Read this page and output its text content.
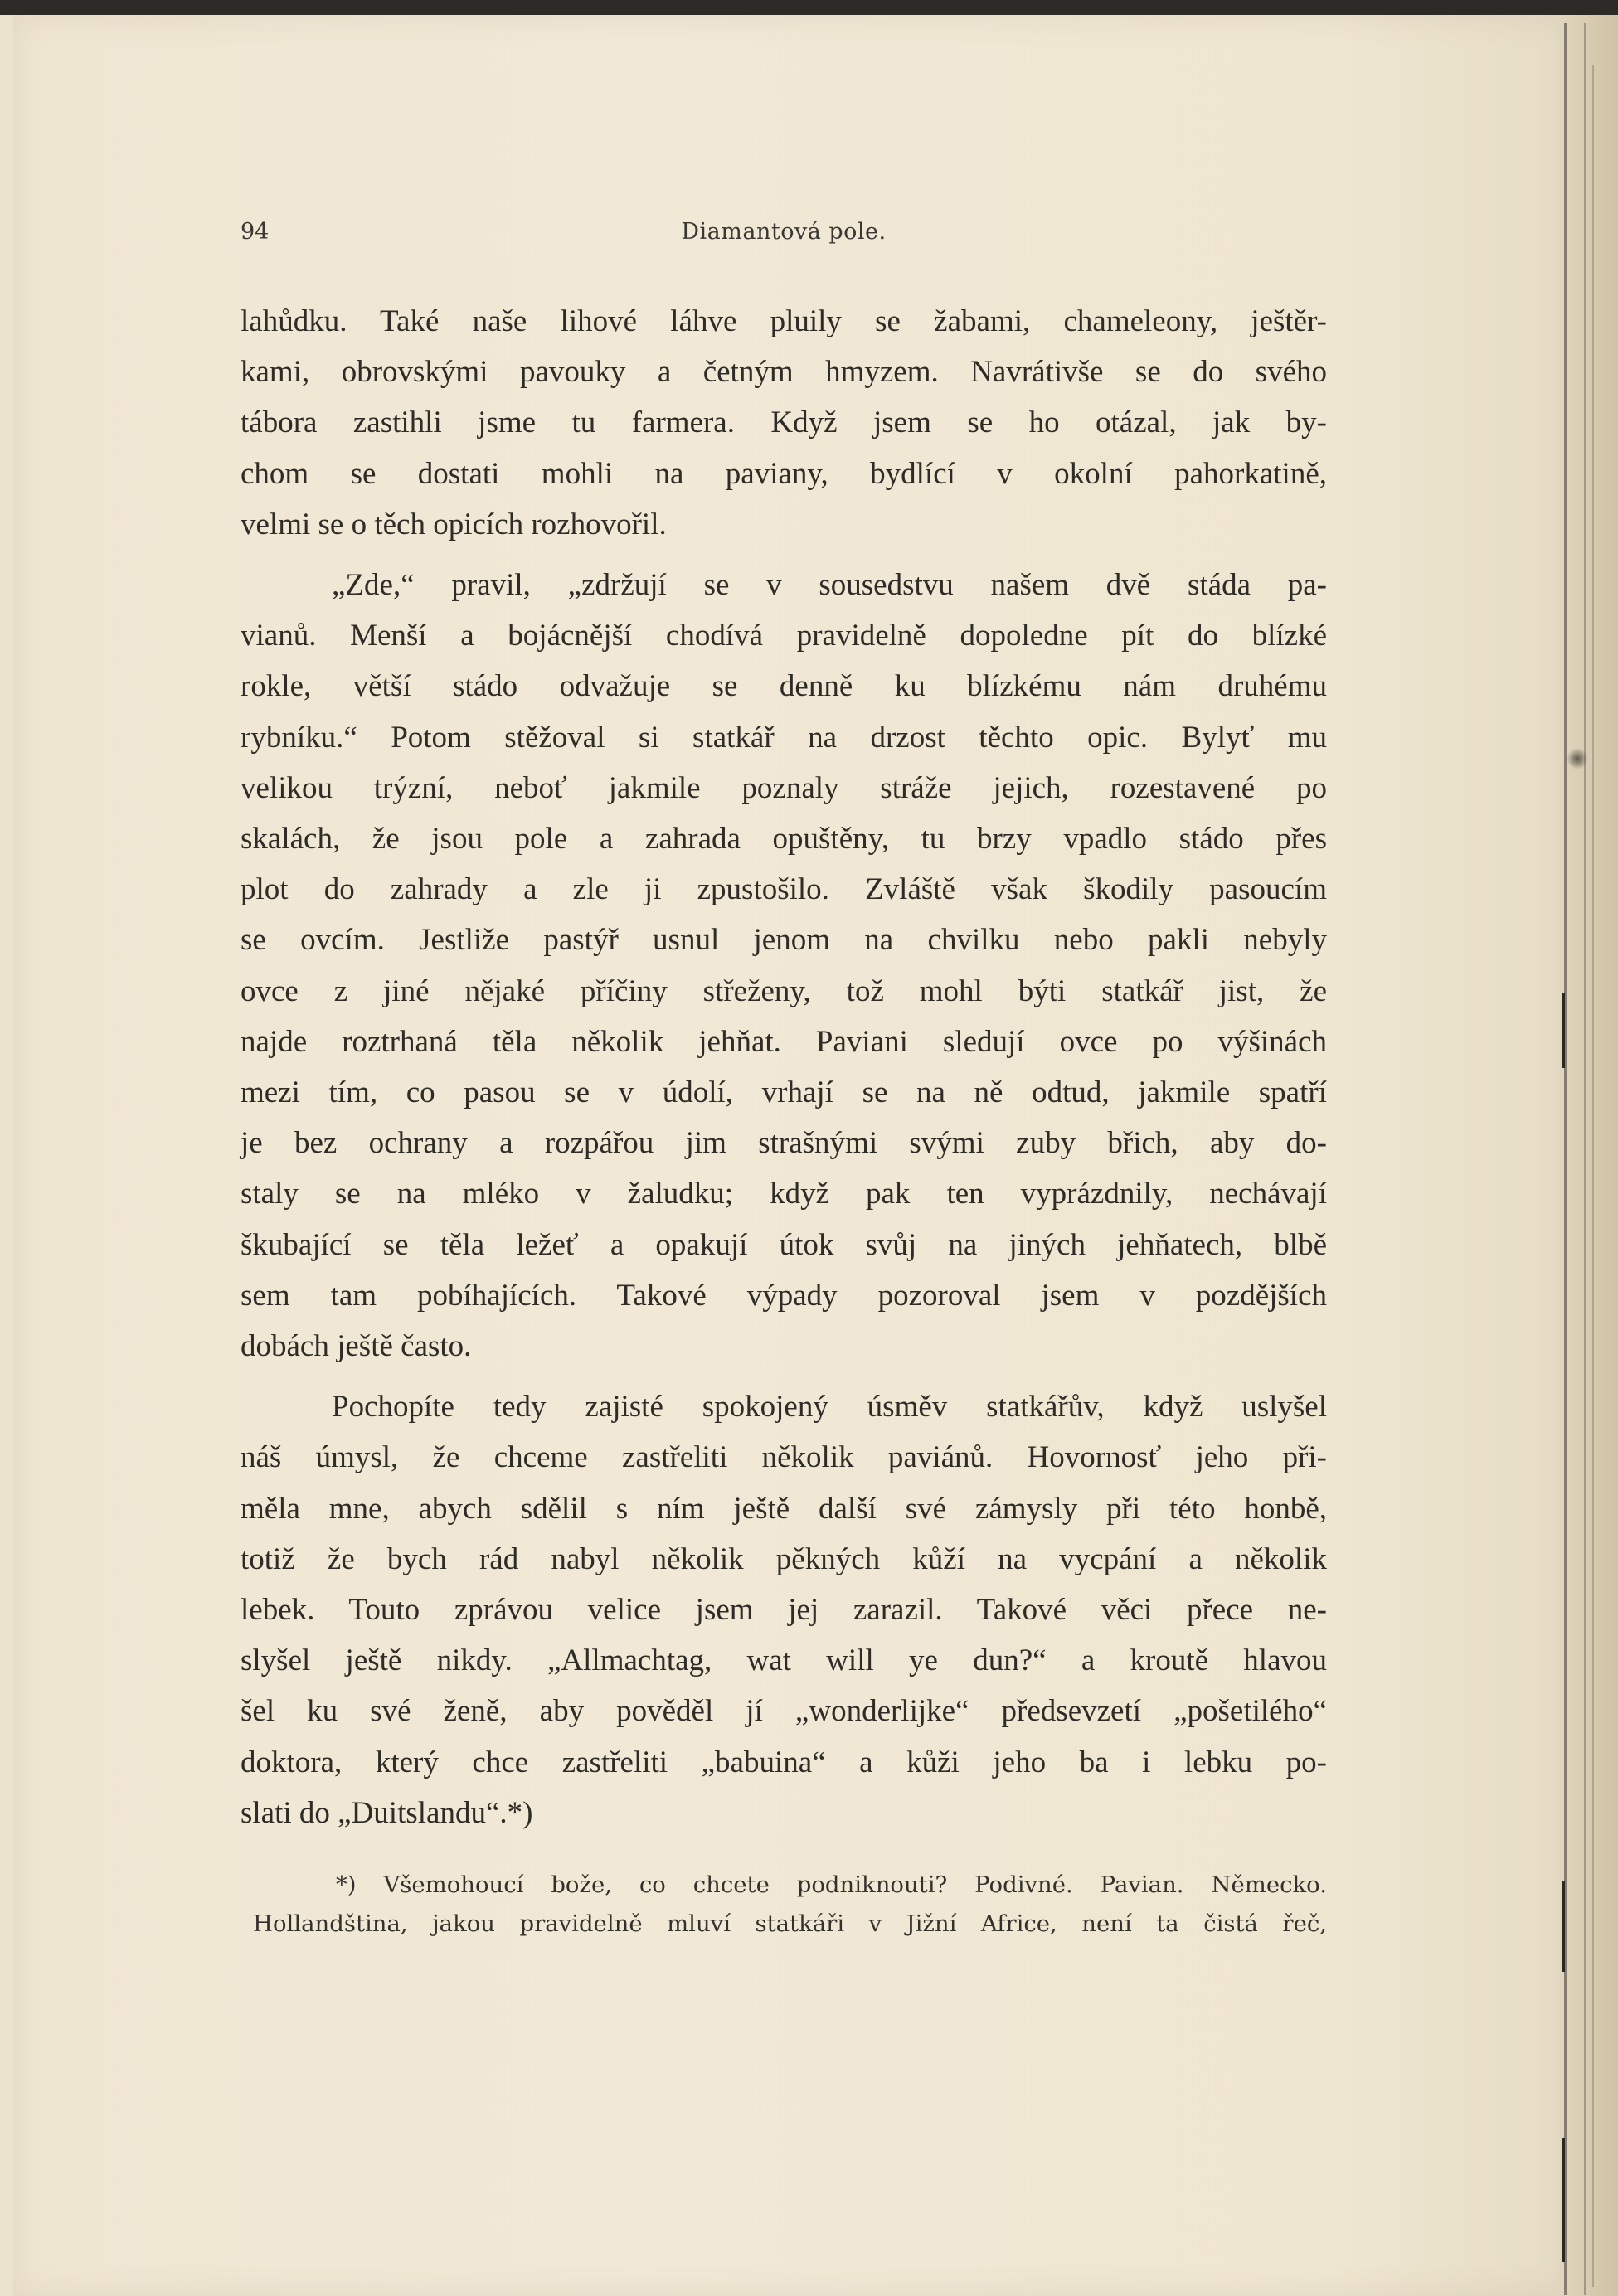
94	Diamantová pole.
lahůdku. Také naše lihové láhve pluily se žabami, chameleony, ještěr-
kami, obrovskými pavouky a četným hmyzem. Navrátivše se do svého
tábora zastihli jsme tu farmera. Když jsem se ho otázal, jak by-
chom se dostati mohli na paviany, bydlící v okolní pahorkatině,
velmi se o těch opicích rozhovořil.
„Zde,“ pravil, „zdržují se v sousedstvu našem dvě stáda pa-
vianů. Menší a bojácnější chodívá pravidelně dopoledne pít do blízké
rokle, větší stádo odvažuje se denně ku blízkému nám druhému
rybníku.“ Potom stěžoval si statkář na drzost těchto opic. Bylyť mu
velikou trýzní, neboť jakmile poznaly stráže jejich, rozestavené po
skalách, že jsou pole a zahrada opuštěny, tu brzy vpadlo stádo přes
plot do zahrady a zle ji zpustošilo. Zvláště však škodily pasoucím
se ovcím. Jestliže pastýř usnul jenom na chvilku nebo pakli nebyly
ovce z jiné nějaké příčiny střeženy, tož mohl býti statkář jist, že
najde roztrhaná těla několik jehňat. Paviani sledují ovce po výšinách
mezi tím, co pasou se v údolí, vrhají se na ně odtud, jakmile spatří
je bez ochrany a rozpářou jim strašnými svými zuby břich, aby do-
staly se na mléko v žaludku; když pak ten vyprázdnily, nechávají
škubající se těla ležeť a opakují útok svůj na jiných jehňatech, blbě
sem tam pobíhajících. Takové výpady pozoroval jsem v pozdějších
dobách ještě často.
Pochopíte tedy zajisté spokojený úsměv statkářův, když uslyšel
náš úmysl, že chceme zastřeliti několik paviánů. Hovornosť jeho při-
měla mne, abych sdělil s ním ještě další své zámysly při této honbě,
totiž že bych rád nabyl několik pěkných kůží na vycpání a několik
lebek. Touto zprávou velice jsem jej zarazil. Takové věci přece ne-
slyšel ještě nikdy. „Allmachtag, wat will ye dun?“ a kroutě hlavou
šel ku své ženě, aby pověděl jí „wonderlijke“ předsevzetí „pošetilého“
doktora, který chce zastřeliti „babuina“ a kůži jeho ba i lebku po-
slati do „Duitslandu“.*)
*) Všemohoucí bože, co chcete podniknouti? Podivné. Pavian. Německo.
Hollandština, jakou pravidelně mluví statkáři v Jižní Africe, není ta čistá řeč,
